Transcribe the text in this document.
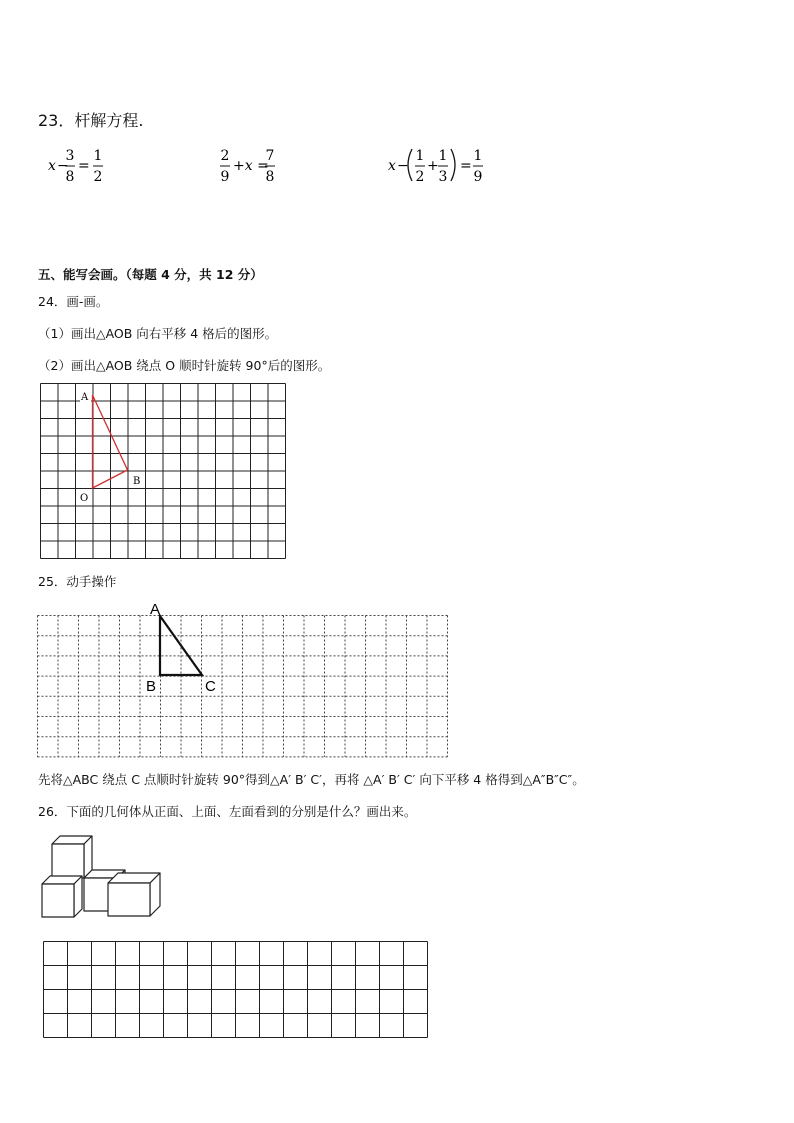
23．杆解方程.
x −
3
8
=
1
2
2
9
+x =
7
8
x −
1
2
+
1
3
=
1
9
五、能写会画。（每题 4 分，共 12 分）
24．画-画。
（1）画出△AOB 向右平移 4 格后的图形。
（2）画出△AOB 绕点 O 顺时针旋转 90°后的图形。
A
B
O
25．动手操作
A
B	C
先将△ABC 绕点 C 点顺时针旋转 90°得到△A′ B′ C′，再将 △A′ B′ C′ 向下平移 4 格得到△A″B″C″。
26．下面的几何体从正面、上面、左面看到的分别是什么？画出来。
